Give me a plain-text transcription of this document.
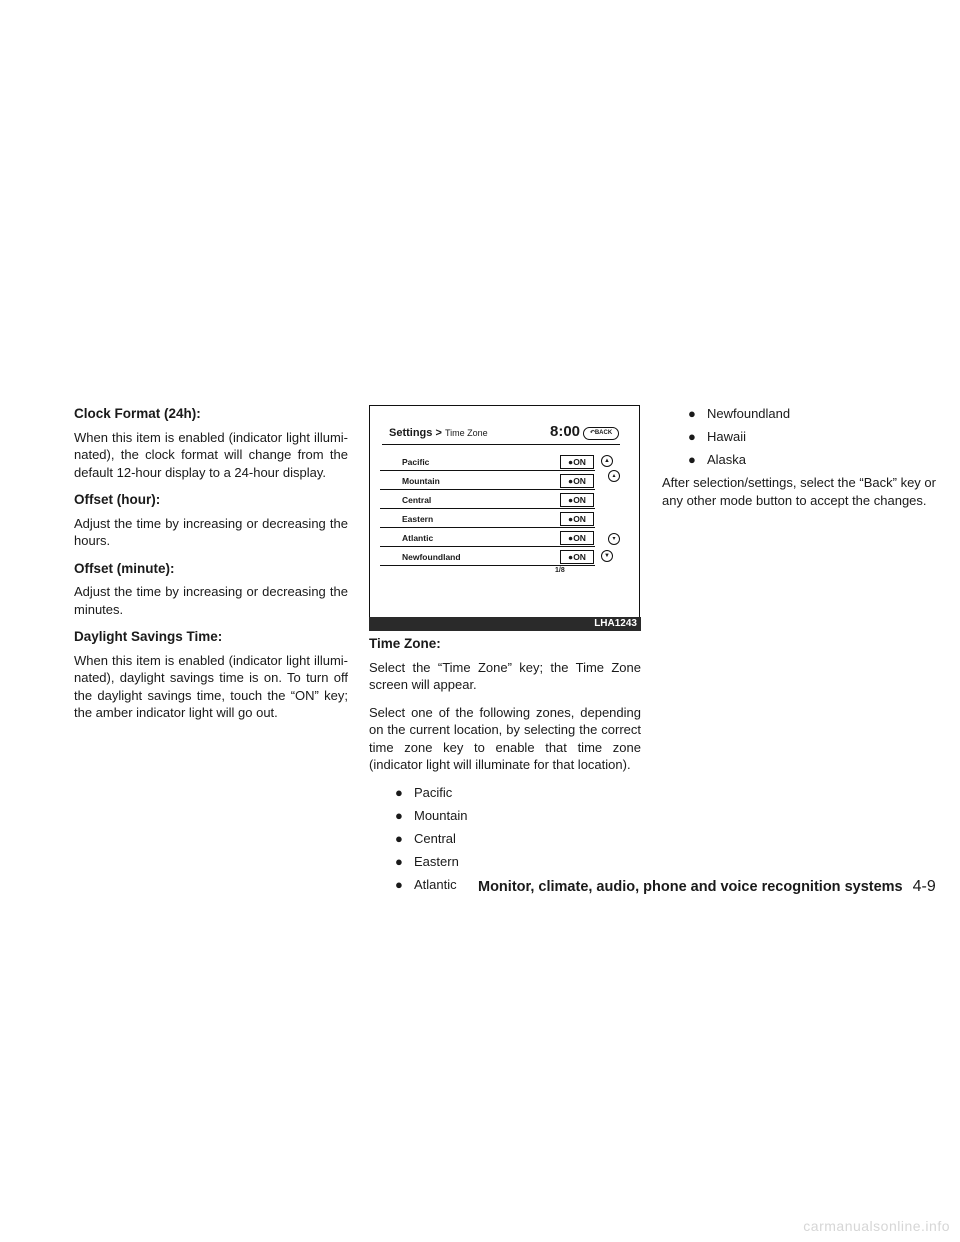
Clock Format (24h):

When this item is enabled (indicator light illumi- nated), the clock format will change from the default 12-hour display to a 24-hour display.

Offset (hour):

Adjust the time by increasing or decreasing the hours.

Offset (minute):

Adjust the time by increasing or decreasing the minutes.

Daylight Savings Time:

When this item is enabled (indicator light illumi- nated), daylight savings time is on. To turn off the daylight savings time, touch the “ON” key; the amber indicator light will go out.

Settings > Time Zone	8:00	↶BACK
Pacific	●ON
Mountain	●ON
Central	●ON
Eastern	●ON
Atlantic	●ON
Newfoundland	●ON
1/8
▲
▴
▾
▼
LHA1243
Time Zone:

Select the “Time Zone” key; the Time Zone screen will appear.

Select one of the following zones, depending on the current location, by selecting the correct time zone key to enable that time zone (indicator light will illuminate for that location).

● Pacific
● Mountain
● Central
● Eastern
● Atlantic
● Newfoundland
● Hawaii
● Alaska

After selection/settings, select the “Back” key or any other mode button to accept the changes.

Monitor, climate, audio, phone and voice recognition systems 4-9
carmanualsonline.info
